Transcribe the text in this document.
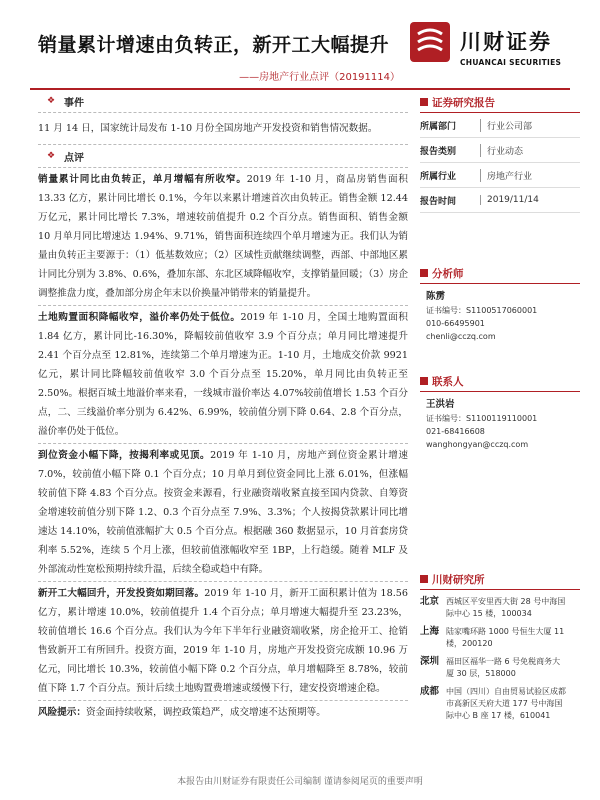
销量累计增速由负转正，新开工大幅提升
——房地产行业点评（20191114）
川财证券
CHUANCAI SECURITIES
❖ 事件

11 月 14 日，国家统计局发布 1-10 月份全国房地产开发投资和销售情况数据。

❖ 点评

销量累计同比由负转正，单月增幅有所收窄。2019 年 1-10 月，商品房销售面积 13.33 亿方，累计同比增长 0.1%，今年以来累计增速首次由负转正。销售金额 12.44 万亿元，累计同比增长 7.3%，增速较前值提升 0.2 个百分点。销售面积、销售金额 10 月单月同比增速达 1.94%、9.71%，销售面积连续四个单月增速为正。我们认为销量由负转正主要源于：（1）低基数效应；（2）区域性贡献继续调整，西部、中部地区累计同比分别为 3.8%、0.6%，叠加东部、东北区域降幅收窄，支撑销量回暖；（3）房企调整推盘力度，叠加部分房企年末以价换量冲销带来的销量提升。

土地购置面积降幅收窄，溢价率仍处于低位。2019 年 1-10 月，全国土地购置面积 1.84 亿方，累计同比-16.30%，降幅较前值收窄 3.9 个百分点；单月同比增速提升 2.41 个百分点至 12.81%，连续第二个单月增速为正。1-10 月，土地成交价款 9921 亿元，累计同比降幅较前值收窄 3.0 个百分点至 15.20%，单月同比由负转正至 2.50%。根据百城土地溢价率来看，一线城市溢价率达 4.07%较前值增长 1.53 个百分点，二、三线溢价率分别为 6.42%、6.99%，较前值分别下降 0.64、2.8 个百分点，溢价率仍处于低位。

到位资金小幅下降，按揭利率或见顶。2019 年 1-10 月，房地产到位资金累计增速 7.0%，较前值小幅下降 0.1 个百分点；10 月单月到位资金同比上涨 6.01%，但涨幅较前值下降 4.83 个百分点。按资金来源看，行业融资端收紧直接至国内贷款、自筹资金增速较前值分别下降 1.2、0.3 个百分点至 7.9%、3.3%；个人按揭贷款累计同比增速达 14.10%，较前值涨幅扩大 0.5 个百分点。根据融 360 数据显示，10 月首套房贷利率 5.52%，连续 5 个月上涨，但较前值涨幅收窄至 1BP，上行趋缓。随着 MLF 及外部流动性宽松预期持续升温，后续全稳或趋中有降。

新开工大幅回升，开发投资如期回落。2019 年 1-10 月，新开工面积累计值为 18.56 亿方，累计增速 10.0%，较前值提升 1.4 个百分点；单月增速大幅提升至 23.23%，较前值增长 16.6 个百分点。我们认为今年下半年行业融资端收紧，房企抢开工、抢销售致新开工有所回升。投资方面，2019 年 1-10 月，房地产开发投资完成额 10.96 万亿元，同比增长 10.3%，较前值小幅下降 0.2 个百分点，单月增幅降至 8.78%，较前值下降 1.7 个百分点。预计后续土地购置费增速或缓慢下行，建安投资增速企稳。

风险提示：资金面持续收紧，调控政策趋严，成交增速不达预期等。

证券研究报告
所属部门	行业公司部
报告类别	行业动态
所属行业	房地产行业
报告时间	2019/11/14
分析师
陈雳
证书编号：S1100517060001
010-66495901
chenli@cczq.com
联系人
王洪岩
证书编号：S1100119110001
021-68416608
wanghongyan@cczq.com
川财研究所
北京 西城区平安里西大街 28 号中海国际中心 15 楼，100034
上海 陆家嘴环路 1000 号恒生大厦 11 楼，200120
深圳 福田区福华一路 6 号免税商务大厦 30 层，518000
成都 中国（四川）自由贸易试验区成都市高新区天府大道 177 号中海国际中心 B 座 17 楼，610041
本报告由川财证券有限责任公司编制 谨请参阅尾页的重要声明
